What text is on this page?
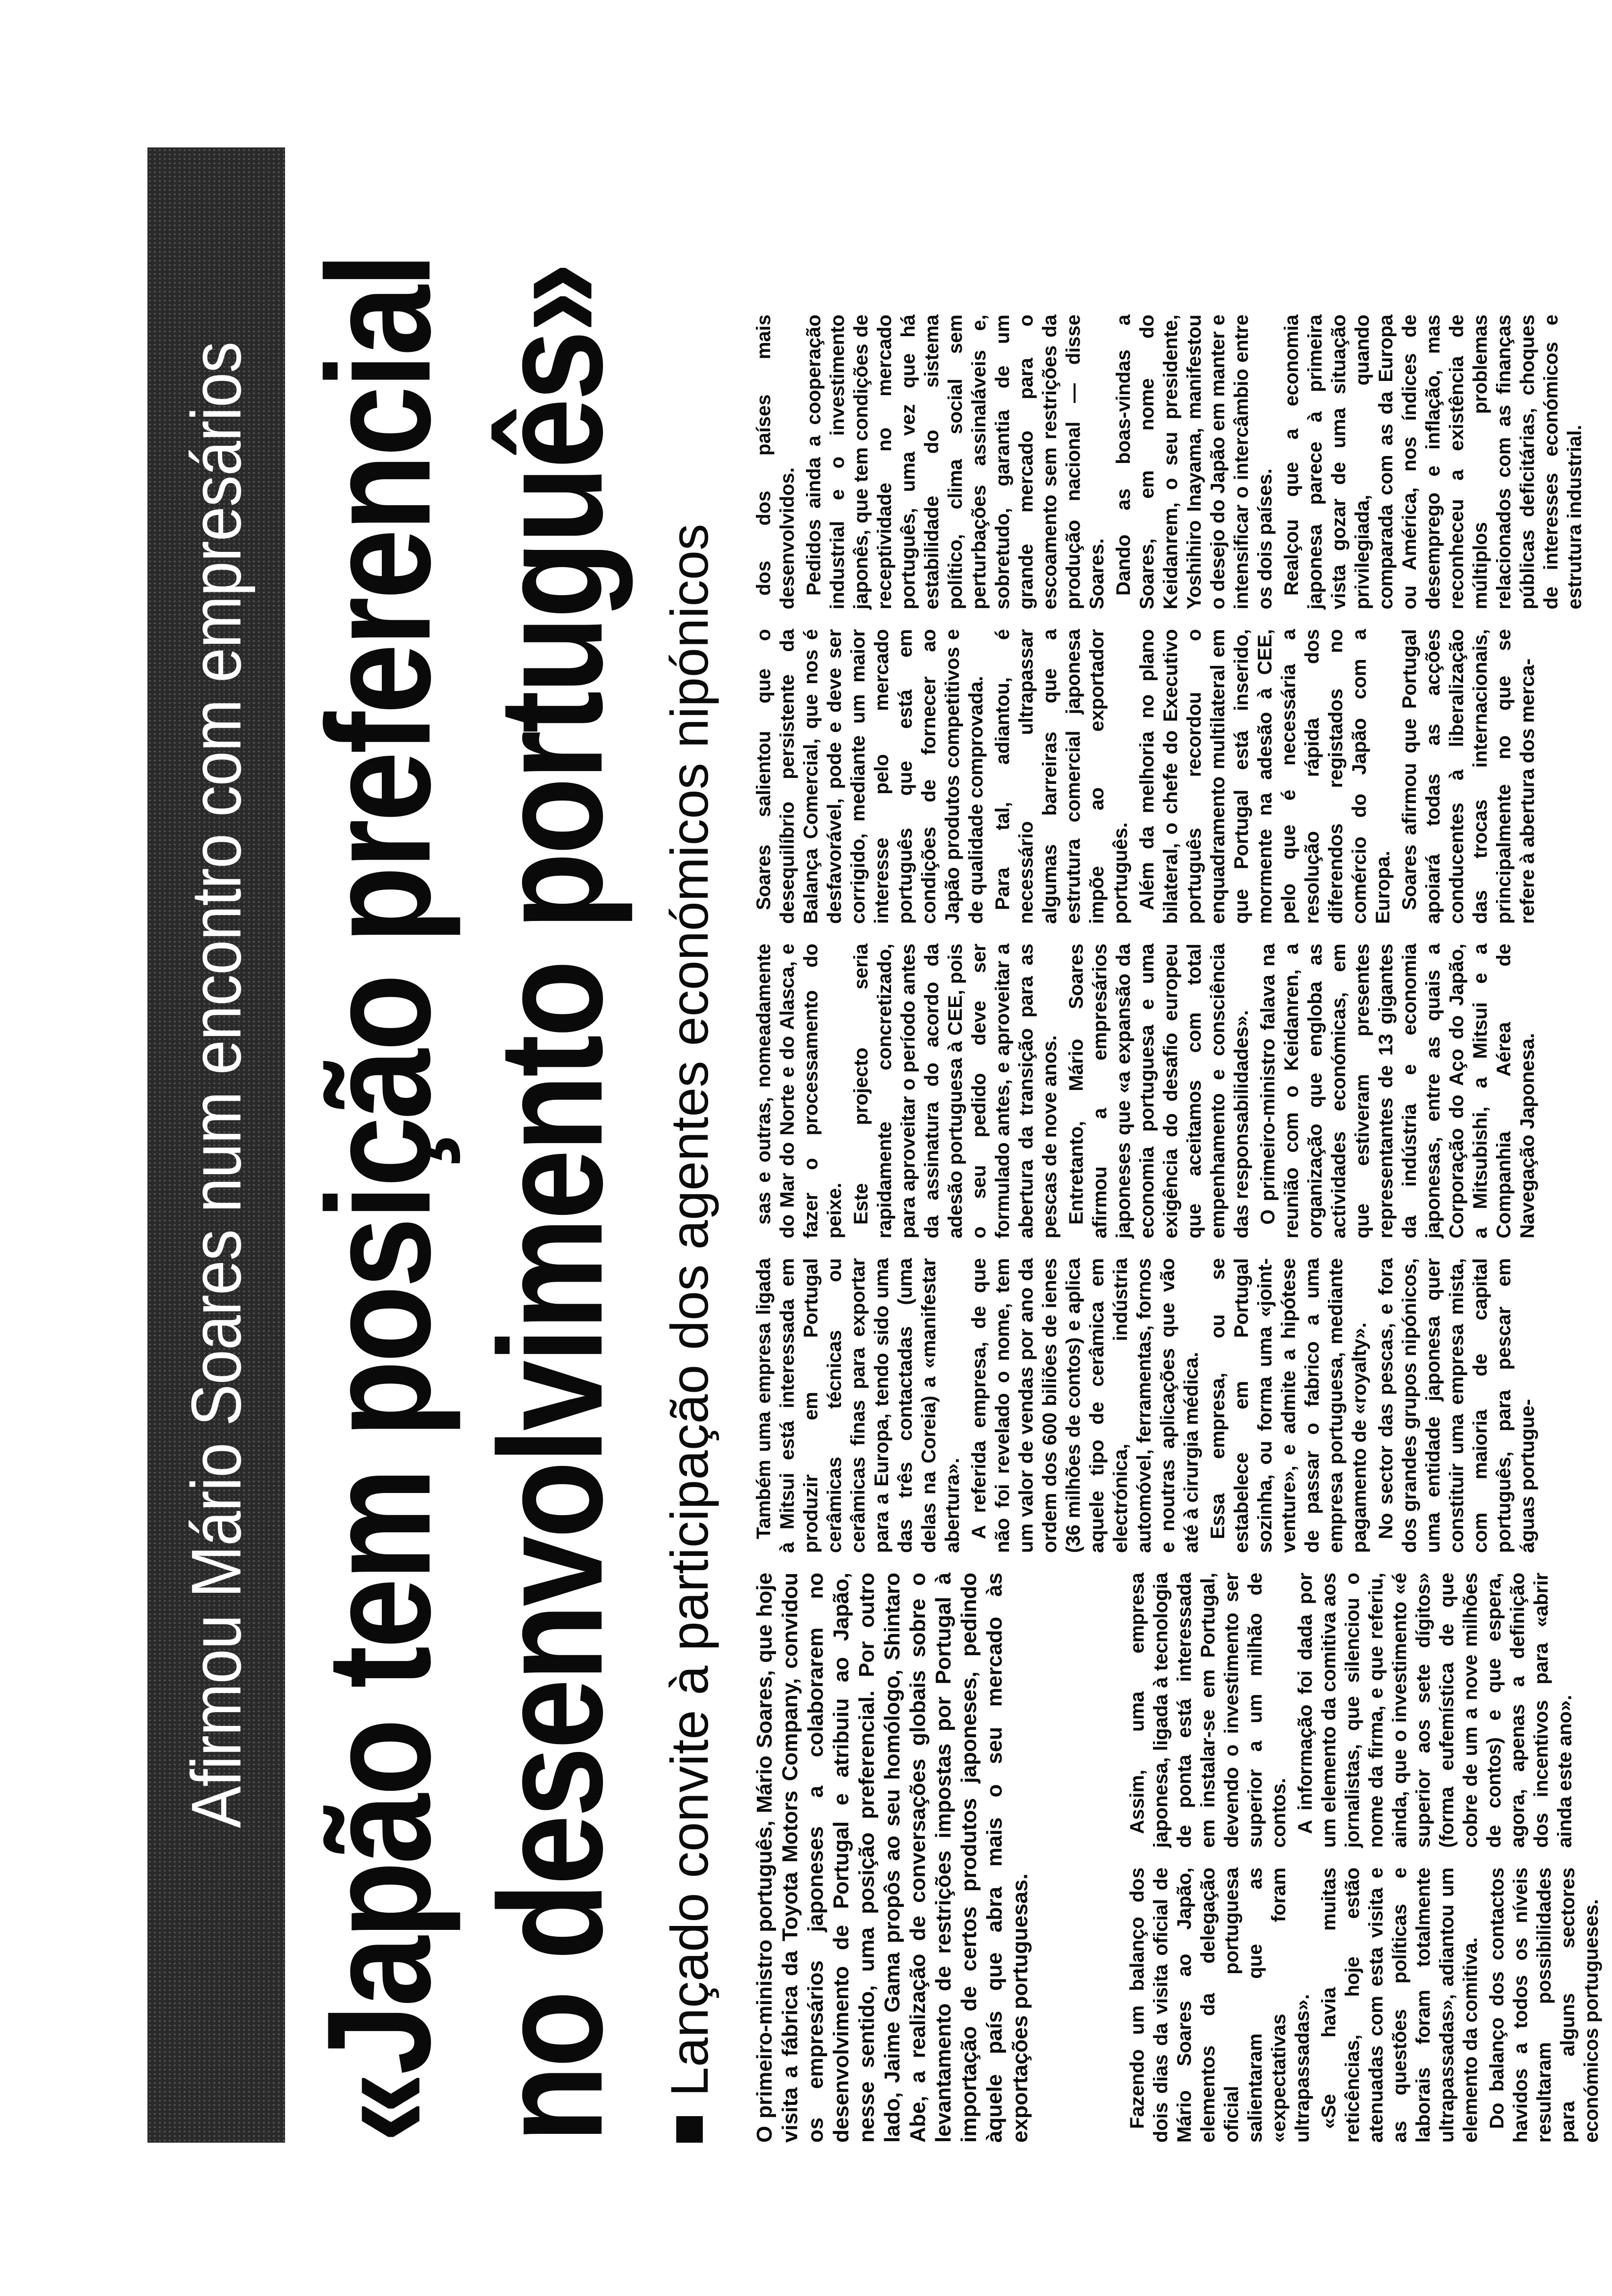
Afirmou Mário Soares num encontro com empresários «Japão tem posição preferencial no desenvolvimento português» Lançado convite à participação dos agentes económicos nipónicos O primeiro-ministro português, Mário Soares, que hoje visita a fábrica da Toyota Motors Company, convidou os empresários japoneses a colaborarem no desenvolvimento de Portugal e atribuiu ao Japão, nesse sentido, uma posição preferencial. Por outro lado, Jaime Gama propôs ao seu homólogo, Shintaro Abe, a realização de conversações globais sobre o levantamento de restrições impostas por Portugal à importação de certos produtos japoneses, pedindo àquele país que abra mais o seu mercado às exportações portuguesas.	Fazendo um balanço dos dois dias da visita oficial de Mário Soares ao Japão, elementos da delegação oficial portuguesa salientaram que as «expectativas foram ultrapassadas». «Se havia muitas reticências, hoje estão atenuadas com esta visita e as questões políticas e laborais foram totalmente ultrapassadas», adiantou um elemento da comitiva. Do balanço dos contactos havidos a todos os níveis resultaram possibilidades para alguns sectores económicos portugueses.

Assim, uma empresa japonesa, ligada à tecnologia de ponta está interessada em instalar-se em Portugal, devendo o investimento ser superior a um milhão de contos. A informação foi dada por um elemento da comitiva aos jornalistas, que silenciou o nome da firma, e que referiu, ainda, que o investimento «é superior aos sete dígitos» (forma eufemística de que cobre de um a nove milhões de contos) e que espera, agora, apenas a definição dos incentivos para «abrir ainda este ano».

Também uma empresa ligada à Mitsui está interessada em produzir em Portugal cerâmicas técnicas ou cerâmicas finas para exportar para a Europa, tendo sido uma das três contactadas (uma delas na Coreia) a «manifestar abertura». A referida empresa, de que não foi revelado o nome, tem um valor de vendas por ano da ordem dos 600 biliões de ienes (36 milhões de contos) e aplica aquele tipo de cerâmica em electrónica, indústria automóvel, ferramentas, fornos e noutras aplicações que vão até à cirurgia médica. Essa empresa, ou se estabelece em Portugal sozinha, ou forma uma «joint-venture», e admite a hipótese de passar o fabrico a uma empresa portuguesa, mediante pagamento de «royalty». No sector das pescas, e fora dos grandes grupos nipónicos, uma entidade japonesa quer constituir uma empresa mista, com maioria de capital português, para pescar em águas portugue-

sas e outras, nomeadamente do Mar do Norte e do Alasca, e fazer o processamento do peixe. Este projecto seria rapidamente concretizado, para aproveitar o período antes da assinatura do acordo da adesão portuguesa à CEE, pois o seu pedido deve ser formulado antes, e aproveitar a abertura da transição para as pescas de nove anos. Entretanto, Mário Soares afirmou a empresários japoneses que «a expansão da economia portuguesa e uma exigência do desafio europeu que aceitamos com total empenhamento e consciência das responsabilidades». O primeiro-ministro falava na reunião com o Keidanren, a organização que engloba as actividades económicas, em que estiveram presentes representantes de 13 gigantes da indústria e economia japonesas, entre as quais a Corporação do Aço do Japão, a Mitsubishi, a Mitsui e a Companhia Aérea de Navegação Japonesa.

Soares salientou que o desequilíbrio persistente da Balança Comercial, que nos é desfavorável, pode e deve ser corrigido, mediante um maior interesse pelo mercado português que está em condições de fornecer ao Japão produtos competitivos e de qualidade comprovada. Para tal, adiantou, é necessário ultrapassar algumas barreiras que a estrutura comercial japonesa impõe ao exportador português. Além da melhoria no plano bilateral, o chefe do Executivo português recordou o enquadramento multilateral em que Portugal está inserido, mormente na adesão à CEE, pelo que é necessária a resolução rápida dos diferendos registados no comércio do Japão com a Europa. Soares afirmou que Portugal apoiará todas as acções conducentes à liberalização das trocas internacionais, principalmente no que se refere à abertura dos merca-

dos dos países mais desenvolvidos. Pedidos ainda a cooperação industrial e o investimento japonês, que tem condições de receptividade no mercado português, uma vez que há estabilidade do sistema político, clima social sem perturbações assinaláveis e, sobretudo, garantia de um grande mercado para o escoamento sem restrições da produção nacional — disse Soares. Dando as boas-vindas a Soares, em nome do Keidanrem, o seu presidente, Yoshihiro Inayama, manifestou o desejo do Japão em manter e intensificar o intercâmbio entre os dois países. Realçou que a economia japonesa parece à primeira vista gozar de uma situação privilegiada, quando comparada com as da Europa ou América, nos índices de desemprego e inflação, mas reconheceu a existência de múltiplos problemas relacionados com as finanças públicas deficitárias, choques de interesses económicos e estrutura industrial.
